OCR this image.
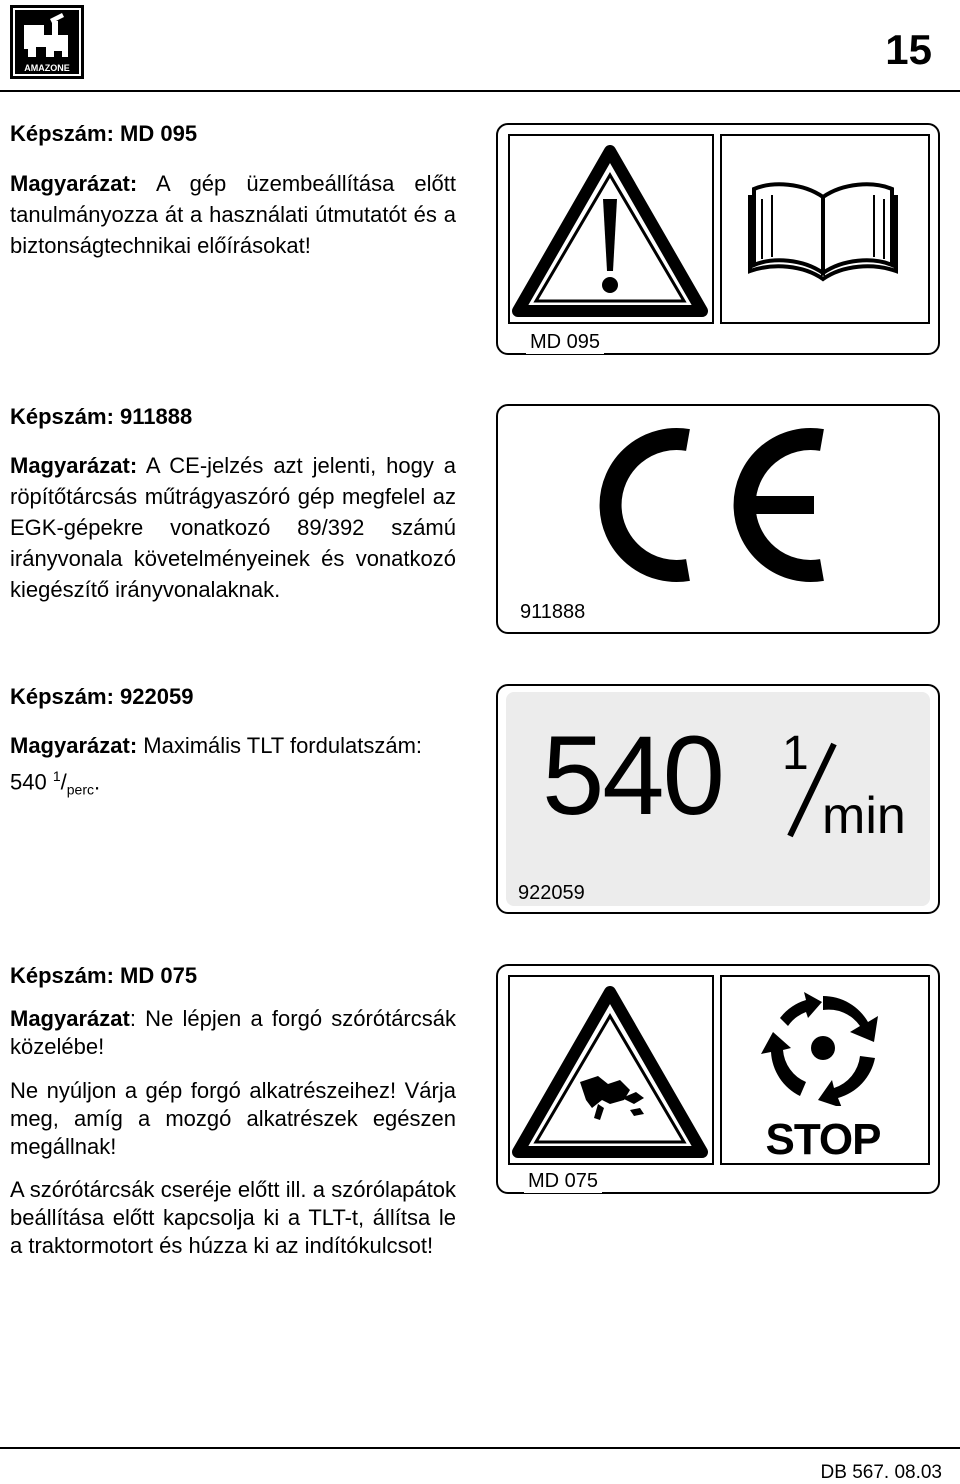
AMAZONE	15
Képszám: MD 095

Magyarázat: A gép üzembeállítása előtt tanulmányozza át a használati útmutatót és a biztonságtechnikai előírásokat!

MD 095
Képszám: 911888

Magyarázat: A CE-jelzés azt jelenti, hogy a röpítőtárcsás műtrágyaszóró gép megfelel az EGK-gépekre vonatkozó 89/392 számú irányvonala követelményeinek és vonatkozó kiegészítő irányvonalaknak.

911888
Képszám: 922059

Magyarázat: Maximális TLT fordulatszám: 540 $^1/_{perc}$.	540 1
min
922059
Képszám: MD 075

Magyarázat: Ne lépjen a forgó szórótárcsák közelébe!

Ne nyúljon a gép forgó alkatrészeihez! Várja meg, amíg a mozgó alkatrészek egészen megállnak!

A szórótárcsák cseréje előtt ill. a szórólapátok beállítása előtt kapcsolja ki a TLT-t, állítsa le a traktormotort és húzza ki az indítókulcsot!

STOP
MD 075
DB 567. 08.03
